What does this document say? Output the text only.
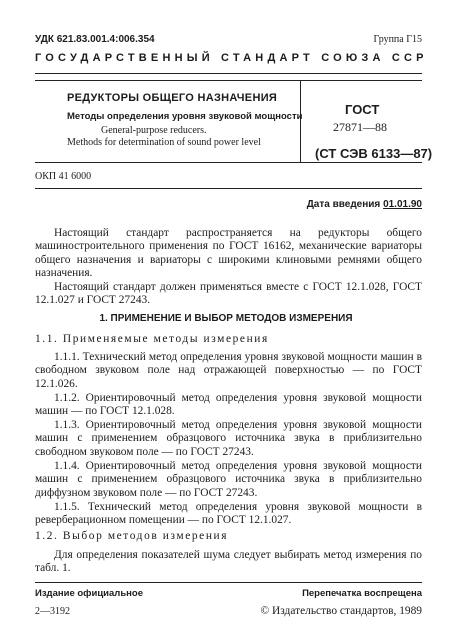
УДК 621.83.001.4:006.354	Группа Г15
ГОСУДАРСТВЕННЫЙ СТАНДАРТ СОЮЗА ССР
РЕДУКТОРЫ ОБЩЕГО НАЗНАЧЕНИЯ
Методы определения уровня звуковой мощности
General-purpose reducers.
Methods for determination of sound power level
ГОСТ
27871—88
(СТ СЭВ 6133—87)
ОКП 41 6000
Дата введения 01.01.90
Настоящий стандарт распространяется на редукторы общего машиностроительного применения по ГОСТ 16162, механические вариаторы общего назначения и вариаторы с широкими клиновыми ремнями общего назначения.
Настоящий стандарт должен применяться вместе с ГОСТ 12.1.028, ГОСТ 12.1.027 и ГОСТ 27243.
1. ПРИМЕНЕНИЕ И ВЫБОР МЕТОДОВ ИЗМЕРЕНИЯ
1.1. Применяемые методы измерения
1.1.1. Технический метод определения уровня звуковой мощности машин в свободном звуковом поле над отражающей поверхностью — по ГОСТ 12.1.026.
1.1.2. Ориентировочный метод определения уровня звуковой мощности машин — по ГОСТ 12.1.028.
1.1.3. Ориентировочный метод определения уровня звуковой мощности машин с применением образцового источника звука в приблизительно свободном звуковом поле — по ГОСТ 27243.
1.1.4. Ориентировочный метод определения уровня звуковой мощности машин с применением образцового источника звука в приблизительно диффузном звуковом поле — по ГОСТ 27243.
1.1.5. Технический метод определения уровня звуковой мощности в реверберационном помещении — по ГОСТ 12.1.027.
1.2. Выбор методов измерения
Для определения показателей шума следует выбирать метод измерения по табл. 1.
Издание официальное	Перепечатка воспрещена
2—3192	© Издательство стандартов, 1989
